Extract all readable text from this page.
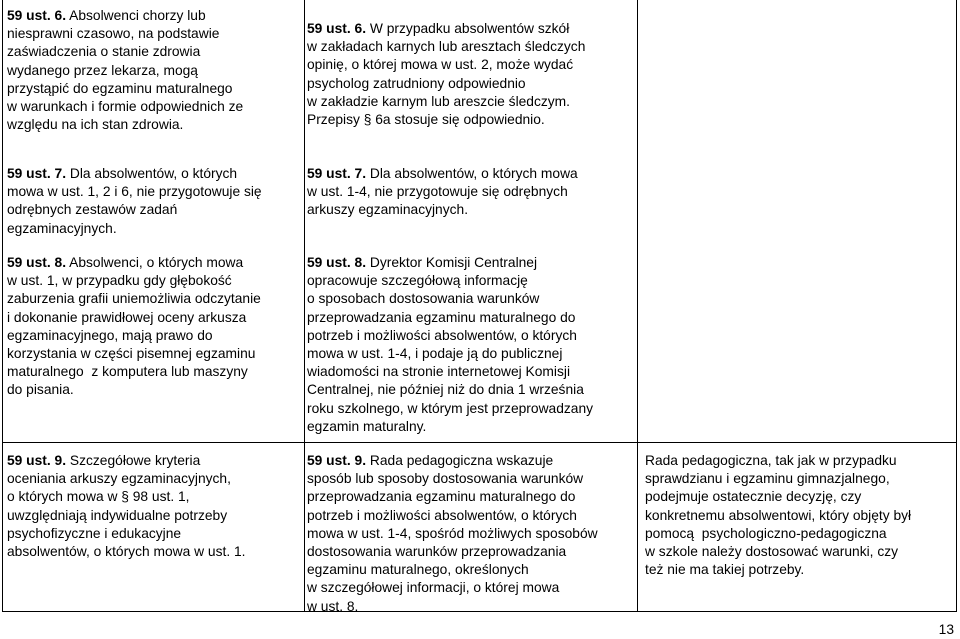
59 ust. 6. Absolwenci chorzy lub
niesprawni czasowo, na podstawie
zaświadczenia o stanie zdrowia
wydanego przez lekarza, mogą
przystąpić do egzaminu maturalnego
w warunkach i formie odpowiednich ze
względu na ich stan zdrowia.
59 ust. 6. W przypadku absolwentów szkół
w zakładach karnych lub aresztach śledczych
opinię, o której mowa w ust. 2, może wydać
psycholog zatrudniony odpowiednio
w zakładzie karnym lub areszcie śledczym.
Przepisy § 6a stosuje się odpowiednio.
59 ust. 7. Dla absolwentów, o których
mowa w ust. 1, 2 i 6, nie przygotowuje się
odrębnych zestawów zadań
egzaminacyjnych.
59 ust. 7. Dla absolwentów, o których mowa
w ust. 1-4, nie przygotowuje się odrębnych
arkuszy egzaminacyjnych.
59 ust. 8. Absolwenci, o których mowa
w ust. 1, w przypadku gdy głębokość
zaburzenia grafii uniemożliwia odczytanie
i dokonanie prawidłowej oceny arkusza
egzaminacyjnego, mają prawo do
korzystania w części pisemnej egzaminu
maturalnego  z komputera lub maszyny
do pisania.
59 ust. 8. Dyrektor Komisji Centralnej
opracowuje szczegółową informację
o sposobach dostosowania warunków
przeprowadzania egzaminu maturalnego do
potrzeb i możliwości absolwentów, o których
mowa w ust. 1-4, i podaje ją do publicznej
wiadomości na stronie internetowej Komisji
Centralnej, nie później niż do dnia 1 września
roku szkolnego, w którym jest przeprowadzany
egzamin maturalny.
59 ust. 9. Szczegółowe kryteria
oceniania arkuszy egzaminacyjnych,
o których mowa w § 98 ust. 1,
uwzględniają indywidualne potrzeby
psychofizyczne i edukacyjne
absolwentów, o których mowa w ust. 1.
59 ust. 9. Rada pedagogiczna wskazuje
sposób lub sposoby dostosowania warunków
przeprowadzania egzaminu maturalnego do
potrzeb i możliwości absolwentów, o których
mowa w ust. 1-4, spośród możliwych sposobów
dostosowania warunków przeprowadzania
egzaminu maturalnego, określonych
w szczegółowej informacji, o której mowa
w ust. 8.
Rada pedagogiczna, tak jak w przypadku
sprawdzianu i egzaminu gimnazjalnego,
podejmuje ostatecznie decyzję, czy
konkretnemu absolwentowi, który objęty był
pomocą  psychologiczno-pedagogiczna
w szkole należy dostosować warunki, czy
też nie ma takiej potrzeby.
13
